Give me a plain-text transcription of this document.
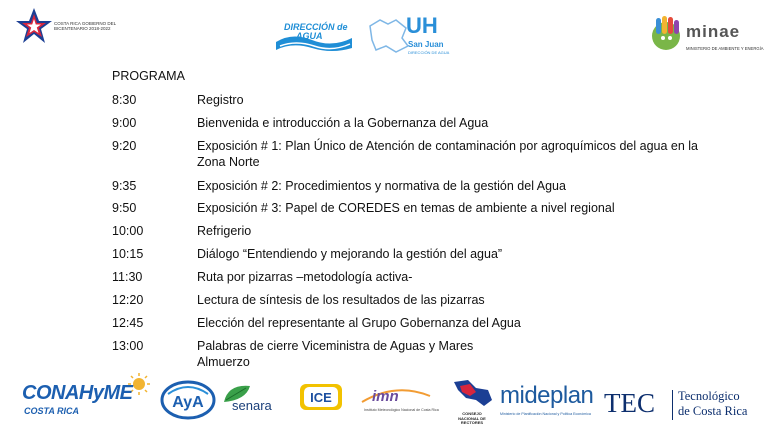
COSTA RICA GOBIERNO DEL BICENTENARIO 2018-2022	DIRECCIÓN de
AGUA	UH
San Juan
DIRECCIÓN DE AGUA
minae
MINISTERIO DE AMBIENTE Y ENERGÍA
PROGRAMA
8:30	Registro
9:00	Bienvenida e introducción a la Gobernanza del Agua
9:20	Exposición # 1: Plan Único de Atención de contaminación por agroquímicos del agua en la Zona Norte
9:35	Exposición # 2: Procedimientos y normativa de la gestión del Agua
9:50	Exposición # 3: Papel de COREDES en temas de ambiente a nivel regional
10:00	Refrigerio
10:15	Diálogo “Entendiendo y mejorando la gestión del agua”
11:30	Ruta por pizarras –metodología activa-
12:20	Lectura de síntesis de los resultados de las pizarras
12:45	Elección del representante al Grupo Gobernanza del Agua
13:00	Palabras de cierre Viceministra de Aguas y Mares
Almuerzo
CONAHyME
COSTA RICA	AyA senara
ICE	imn
Instituto Meteorológico Nacional de Costa Rica
CONSEJO NACIONAL DE RECTORES
mideplan
Ministerio de Planificación Nacional y Política Económica TEC Tecnológico
de Costa Rica
